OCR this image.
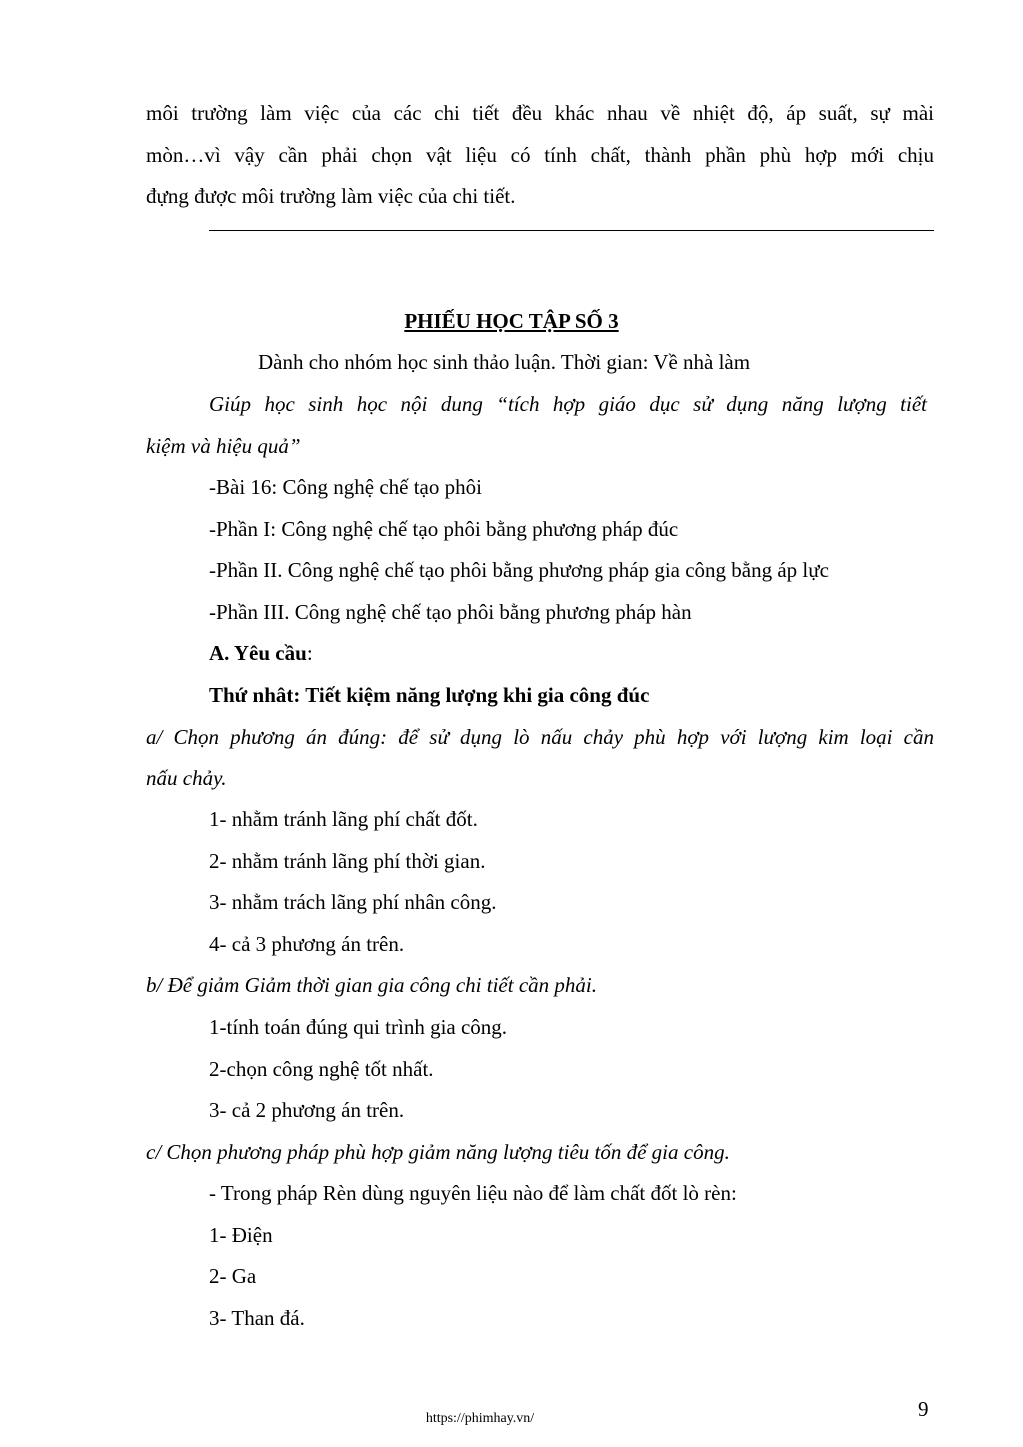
môi trường làm việc của các chi tiết đều khác nhau về nhiệt độ, áp suất, sự mài
mòn…vì vậy cần phải chọn vật liệu có tính chất, thành phần phù hợp mới chịu
đựng được môi trường làm việc của chi tiết.
PHIẾU HỌC TẬP SỐ 3
Dành cho nhóm học sinh thảo luận. Thời gian: Về nhà làm
Giúp học sinh học nội dung “tích hợp giáo dục sử dụng năng lượng tiết
kiệm và hiệu quả”
-Bài 16: Công nghệ chế tạo phôi
-Phần I: Công nghệ chế tạo phôi bằng phương pháp đúc
-Phần II. Công nghệ chế tạo phôi bằng phương pháp gia công bằng áp lực
-Phần III. Công nghệ chế tạo phôi bằng phương pháp hàn
A. Yêu cầu:
Thứ nhât: Tiết kiệm năng lượng khi gia công đúc
a/ Chọn phương án đúng: để sử dụng lò nấu chảy phù hợp với lượng kim loại cần
nấu chảy.
1- nhằm tránh lãng phí chất đốt.
2- nhằm tránh lãng phí thời gian.
3- nhằm trách lãng phí nhân công.
4- cả 3 phương án trên.
b/ Để giảm Giảm thời gian gia công chi tiết cần phải.
1-tính toán đúng qui trình gia công.
2-chọn công nghệ tốt nhất.
3- cả 2 phương án trên.
c/ Chọn phương pháp phù hợp giảm năng lượng tiêu tốn để gia công.
- Trong pháp Rèn dùng nguyên liệu nào để làm chất đốt lò rèn:
1- Điện
2- Ga
3- Than đá.
9
https://phimhay.vn/
